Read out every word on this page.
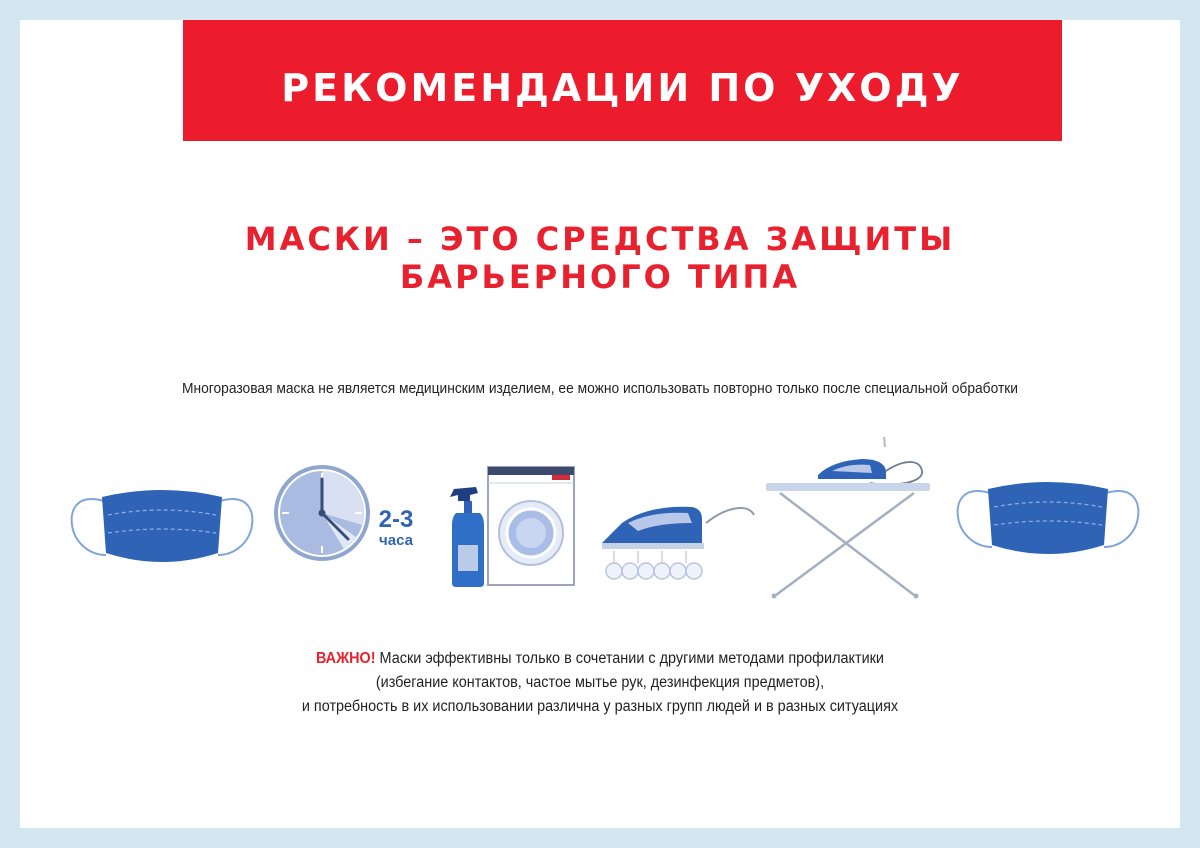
РЕКОМЕНДАЦИИ ПО УХОДУ
МАСКИ – ЭТО СРЕДСТВА ЗАЩИТЫ
БАРЬЕРНОГО ТИПА
Многоразовая маска не является медицинским изделием, ее можно использовать повторно только после специальной обработки
2-3
часа
ВАЖНО! Маски эффективны только в сочетании с другими методами профилактики
(избегание контактов, частое мытье рук, дезинфекция предметов),
и потребность в их использовании различна у разных групп людей и в разных ситуациях
